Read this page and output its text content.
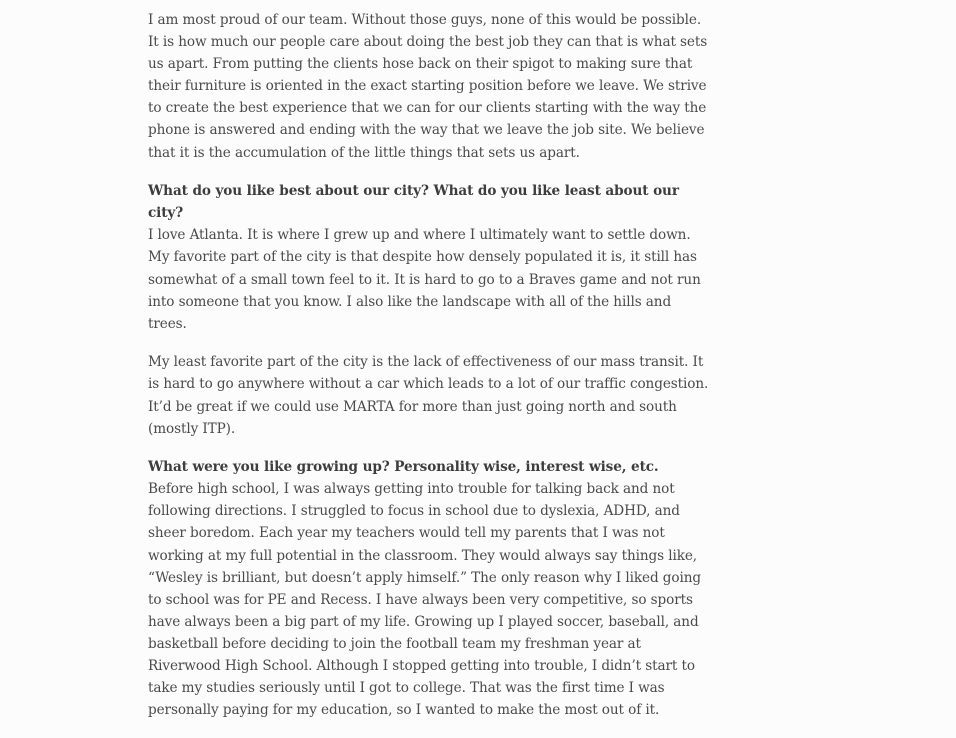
I am most proud of our team. Without those guys, none of this would be possible. It is how much our people care about doing the best job they can that is what sets us apart. From putting the clients hose back on their spigot to making sure that their furniture is oriented in the exact starting position before we leave. We strive to create the best experience that we can for our clients starting with the way the phone is answered and ending with the way that we leave the job site. We believe that it is the accumulation of the little things that sets us apart.

What do you like best about our city? What do you like least about our city?
I love Atlanta. It is where I grew up and where I ultimately want to settle down. My favorite part of the city is that despite how densely populated it is, it still has somewhat of a small town feel to it. It is hard to go to a Braves game and not run into someone that you know. I also like the landscape with all of the hills and trees.

My least favorite part of the city is the lack of effectiveness of our mass transit. It is hard to go anywhere without a car which leads to a lot of our traffic congestion. It’d be great if we could use MARTA for more than just going north and south (mostly ITP).

What were you like growing up? Personality wise, interest wise, etc.
Before high school, I was always getting into trouble for talking back and not following directions. I struggled to focus in school due to dyslexia, ADHD, and sheer boredom. Each year my teachers would tell my parents that I was not working at my full potential in the classroom. They would always say things like, “Wesley is brilliant, but doesn’t apply himself.” The only reason why I liked going to school was for PE and Recess. I have always been very competitive, so sports have always been a big part of my life. Growing up I played soccer, baseball, and basketball before deciding to join the football team my freshman year at Riverwood High School. Although I stopped getting into trouble, I didn’t start to take my studies seriously until I got to college. That was the first time I was personally paying for my education, so I wanted to make the most out of it.
